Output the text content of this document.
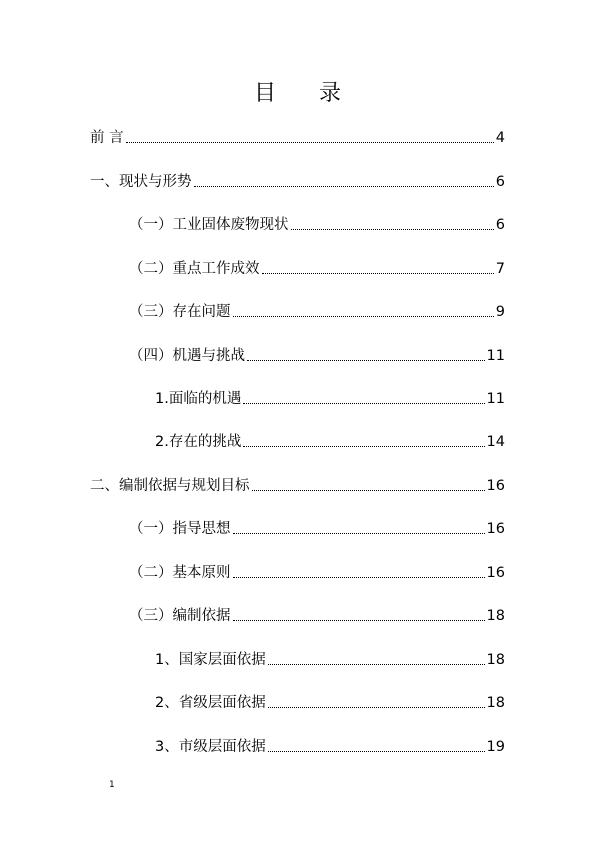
目 录
前 言	4
一、现状与形势	6
（一）工业固体废物现状	6
（二）重点工作成效	7
（三）存在问题	9
（四）机遇与挑战	11
1.面临的机遇	11
2.存在的挑战	14
二、编制依据与规划目标	16
（一）指导思想	16
（二）基本原则	16
（三）编制依据	18
1、国家层面依据	18
2、省级层面依据	18
3、市级层面依据	19
1
